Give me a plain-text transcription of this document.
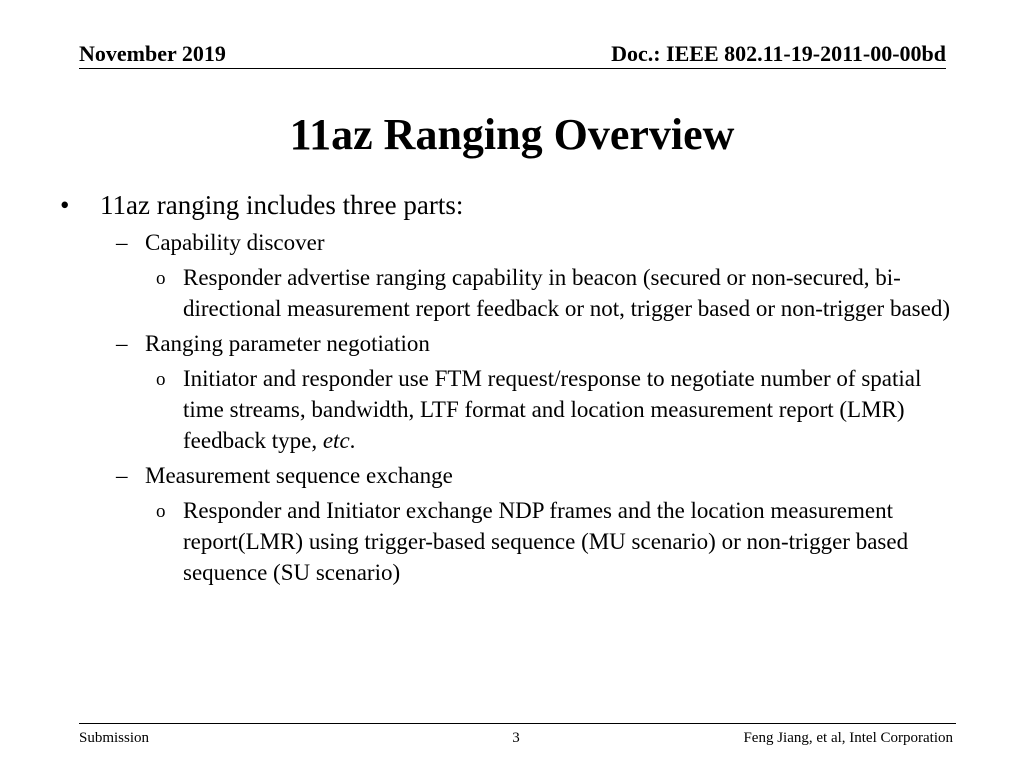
November 2019	Doc.: IEEE 802.11-19-2011-00-00bd
11az Ranging Overview
• 11az ranging includes three parts:
– Capability discover
o Responder advertise ranging capability in beacon (secured or non-secured, bi-directional measurement report feedback or not, trigger based or non-trigger based)
– Ranging parameter negotiation
o Initiator and responder use FTM request/response to negotiate number of spatial time streams, bandwidth, LTF format and location measurement report (LMR) feedback type, etc.
– Measurement sequence exchange
o Responder and Initiator exchange NDP frames and the location measurement report(LMR) using trigger-based sequence (MU scenario) or non-trigger based sequence (SU scenario)
Submission	3	Feng Jiang, et al, Intel Corporation
